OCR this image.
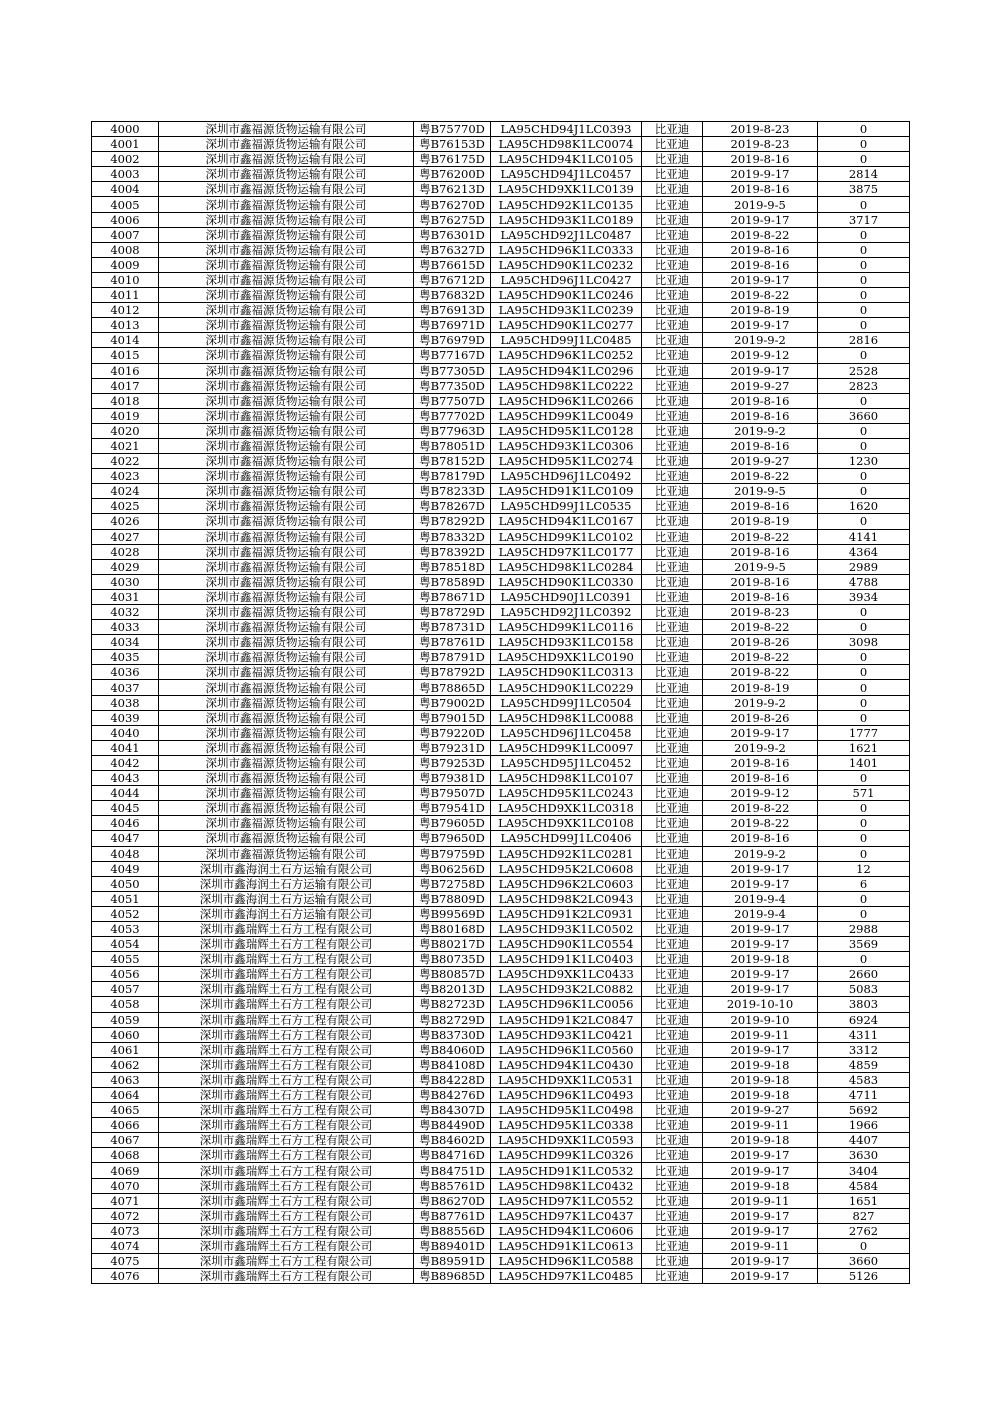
4000	深圳市鑫福源货物运输有限公司	粤B75770D	LA95CHD94J1LC0393	比亚迪	2019-8-23	0
4001	深圳市鑫福源货物运输有限公司	粤B76153D	LA95CHD98K1LC0074	比亚迪	2019-8-23	0
4002	深圳市鑫福源货物运输有限公司	粤B76175D	LA95CHD94K1LC0105	比亚迪	2019-8-16	0
4003	深圳市鑫福源货物运输有限公司	粤B76200D	LA95CHD94J1LC0457	比亚迪	2019-9-17	2814
4004	深圳市鑫福源货物运输有限公司	粤B76213D	LA95CHD9XK1LC0139	比亚迪	2019-8-16	3875
4005	深圳市鑫福源货物运输有限公司	粤B76270D	LA95CHD92K1LC0135	比亚迪	2019-9-5	0
4006	深圳市鑫福源货物运输有限公司	粤B76275D	LA95CHD93K1LC0189	比亚迪	2019-9-17	3717
4007	深圳市鑫福源货物运输有限公司	粤B76301D	LA95CHD92J1LC0487	比亚迪	2019-8-22	0
4008	深圳市鑫福源货物运输有限公司	粤B76327D	LA95CHD96K1LC0333	比亚迪	2019-8-16	0
4009	深圳市鑫福源货物运输有限公司	粤B76615D	LA95CHD90K1LC0232	比亚迪	2019-8-16	0
4010	深圳市鑫福源货物运输有限公司	粤B76712D	LA95CHD96J1LC0427	比亚迪	2019-9-17	0
4011	深圳市鑫福源货物运输有限公司	粤B76832D	LA95CHD90K1LC0246	比亚迪	2019-8-22	0
4012	深圳市鑫福源货物运输有限公司	粤B76913D	LA95CHD93K1LC0239	比亚迪	2019-8-19	0
4013	深圳市鑫福源货物运输有限公司	粤B76971D	LA95CHD90K1LC0277	比亚迪	2019-9-17	0
4014	深圳市鑫福源货物运输有限公司	粤B76979D	LA95CHD99J1LC0485	比亚迪	2019-9-2	2816
4015	深圳市鑫福源货物运输有限公司	粤B77167D	LA95CHD96K1LC0252	比亚迪	2019-9-12	0
4016	深圳市鑫福源货物运输有限公司	粤B77305D	LA95CHD94K1LC0296	比亚迪	2019-9-17	2528
4017	深圳市鑫福源货物运输有限公司	粤B77350D	LA95CHD98K1LC0222	比亚迪	2019-9-27	2823
4018	深圳市鑫福源货物运输有限公司	粤B77507D	LA95CHD96K1LC0266	比亚迪	2019-8-16	0
4019	深圳市鑫福源货物运输有限公司	粤B77702D	LA95CHD99K1LC0049	比亚迪	2019-8-16	3660
4020	深圳市鑫福源货物运输有限公司	粤B77963D	LA95CHD95K1LC0128	比亚迪	2019-9-2	0
4021	深圳市鑫福源货物运输有限公司	粤B78051D	LA95CHD93K1LC0306	比亚迪	2019-8-16	0
4022	深圳市鑫福源货物运输有限公司	粤B78152D	LA95CHD95K1LC0274	比亚迪	2019-9-27	1230
4023	深圳市鑫福源货物运输有限公司	粤B78179D	LA95CHD96J1LC0492	比亚迪	2019-8-22	0
4024	深圳市鑫福源货物运输有限公司	粤B78233D	LA95CHD91K1LC0109	比亚迪	2019-9-5	0
4025	深圳市鑫福源货物运输有限公司	粤B78267D	LA95CHD99J1LC0535	比亚迪	2019-8-16	1620
4026	深圳市鑫福源货物运输有限公司	粤B78292D	LA95CHD94K1LC0167	比亚迪	2019-8-19	0
4027	深圳市鑫福源货物运输有限公司	粤B78332D	LA95CHD99K1LC0102	比亚迪	2019-8-22	4141
4028	深圳市鑫福源货物运输有限公司	粤B78392D	LA95CHD97K1LC0177	比亚迪	2019-8-16	4364
4029	深圳市鑫福源货物运输有限公司	粤B78518D	LA95CHD98K1LC0284	比亚迪	2019-9-5	2989
4030	深圳市鑫福源货物运输有限公司	粤B78589D	LA95CHD90K1LC0330	比亚迪	2019-8-16	4788
4031	深圳市鑫福源货物运输有限公司	粤B78671D	LA95CHD90J1LC0391	比亚迪	2019-8-16	3934
4032	深圳市鑫福源货物运输有限公司	粤B78729D	LA95CHD92J1LC0392	比亚迪	2019-8-23	0
4033	深圳市鑫福源货物运输有限公司	粤B78731D	LA95CHD99K1LC0116	比亚迪	2019-8-22	0
4034	深圳市鑫福源货物运输有限公司	粤B78761D	LA95CHD93K1LC0158	比亚迪	2019-8-26	3098
4035	深圳市鑫福源货物运输有限公司	粤B78791D	LA95CHD9XK1LC0190	比亚迪	2019-8-22	0
4036	深圳市鑫福源货物运输有限公司	粤B78792D	LA95CHD90K1LC0313	比亚迪	2019-8-22	0
4037	深圳市鑫福源货物运输有限公司	粤B78865D	LA95CHD90K1LC0229	比亚迪	2019-8-19	0
4038	深圳市鑫福源货物运输有限公司	粤B79002D	LA95CHD99J1LC0504	比亚迪	2019-9-2	0
4039	深圳市鑫福源货物运输有限公司	粤B79015D	LA95CHD98K1LC0088	比亚迪	2019-8-26	0
4040	深圳市鑫福源货物运输有限公司	粤B79220D	LA95CHD96J1LC0458	比亚迪	2019-9-17	1777
4041	深圳市鑫福源货物运输有限公司	粤B79231D	LA95CHD99K1LC0097	比亚迪	2019-9-2	1621
4042	深圳市鑫福源货物运输有限公司	粤B79253D	LA95CHD95J1LC0452	比亚迪	2019-8-16	1401
4043	深圳市鑫福源货物运输有限公司	粤B79381D	LA95CHD98K1LC0107	比亚迪	2019-8-16	0
4044	深圳市鑫福源货物运输有限公司	粤B79507D	LA95CHD95K1LC0243	比亚迪	2019-9-12	571
4045	深圳市鑫福源货物运输有限公司	粤B79541D	LA95CHD9XK1LC0318	比亚迪	2019-8-22	0
4046	深圳市鑫福源货物运输有限公司	粤B79605D	LA95CHD9XK1LC0108	比亚迪	2019-8-22	0
4047	深圳市鑫福源货物运输有限公司	粤B79650D	LA95CHD99J1LC0406	比亚迪	2019-8-16	0
4048	深圳市鑫福源货物运输有限公司	粤B79759D	LA95CHD92K1LC0281	比亚迪	2019-9-2	0
4049	深圳市鑫海润土石方运输有限公司	粤B06256D	LA95CHD95K2LC0608	比亚迪	2019-9-17	12
4050	深圳市鑫海润土石方运输有限公司	粤B72758D	LA95CHD96K2LC0603	比亚迪	2019-9-17	6
4051	深圳市鑫海润土石方运输有限公司	粤B78809D	LA95CHD98K2LC0943	比亚迪	2019-9-4	0
4052	深圳市鑫海润土石方运输有限公司	粤B99569D	LA95CHD91K2LC0931	比亚迪	2019-9-4	0
4053	深圳市鑫瑞辉土石方工程有限公司	粤B80168D	LA95CHD93K1LC0502	比亚迪	2019-9-17	2988
4054	深圳市鑫瑞辉土石方工程有限公司	粤B80217D	LA95CHD90K1LC0554	比亚迪	2019-9-17	3569
4055	深圳市鑫瑞辉土石方工程有限公司	粤B80735D	LA95CHD91K1LC0403	比亚迪	2019-9-18	0
4056	深圳市鑫瑞辉土石方工程有限公司	粤B80857D	LA95CHD9XK1LC0433	比亚迪	2019-9-17	2660
4057	深圳市鑫瑞辉土石方工程有限公司	粤B82013D	LA95CHD93K2LC0882	比亚迪	2019-9-17	5083
4058	深圳市鑫瑞辉土石方工程有限公司	粤B82723D	LA95CHD96K1LC0056	比亚迪	2019-10-10	3803
4059	深圳市鑫瑞辉土石方工程有限公司	粤B82729D	LA95CHD91K2LC0847	比亚迪	2019-9-10	6924
4060	深圳市鑫瑞辉土石方工程有限公司	粤B83730D	LA95CHD93K1LC0421	比亚迪	2019-9-11	4311
4061	深圳市鑫瑞辉土石方工程有限公司	粤B84060D	LA95CHD96K1LC0560	比亚迪	2019-9-17	3312
4062	深圳市鑫瑞辉土石方工程有限公司	粤B84108D	LA95CHD94K1LC0430	比亚迪	2019-9-18	4859
4063	深圳市鑫瑞辉土石方工程有限公司	粤B84228D	LA95CHD9XK1LC0531	比亚迪	2019-9-18	4583
4064	深圳市鑫瑞辉土石方工程有限公司	粤B84276D	LA95CHD96K1LC0493	比亚迪	2019-9-18	4711
4065	深圳市鑫瑞辉土石方工程有限公司	粤B84307D	LA95CHD95K1LC0498	比亚迪	2019-9-27	5692
4066	深圳市鑫瑞辉土石方工程有限公司	粤B84490D	LA95CHD95K1LC0338	比亚迪	2019-9-11	1966
4067	深圳市鑫瑞辉土石方工程有限公司	粤B84602D	LA95CHD9XK1LC0593	比亚迪	2019-9-18	4407
4068	深圳市鑫瑞辉土石方工程有限公司	粤B84716D	LA95CHD99K1LC0326	比亚迪	2019-9-17	3630
4069	深圳市鑫瑞辉土石方工程有限公司	粤B84751D	LA95CHD91K1LC0532	比亚迪	2019-9-17	3404
4070	深圳市鑫瑞辉土石方工程有限公司	粤B85761D	LA95CHD98K1LC0432	比亚迪	2019-9-18	4584
4071	深圳市鑫瑞辉土石方工程有限公司	粤B86270D	LA95CHD97K1LC0552	比亚迪	2019-9-11	1651
4072	深圳市鑫瑞辉土石方工程有限公司	粤B87761D	LA95CHD97K1LC0437	比亚迪	2019-9-17	827
4073	深圳市鑫瑞辉土石方工程有限公司	粤B88556D	LA95CHD94K1LC0606	比亚迪	2019-9-17	2762
4074	深圳市鑫瑞辉土石方工程有限公司	粤B89401D	LA95CHD91K1LC0613	比亚迪	2019-9-11	0
4075	深圳市鑫瑞辉土石方工程有限公司	粤B89591D	LA95CHD96K1LC0588	比亚迪	2019-9-17	3660
4076	深圳市鑫瑞辉土石方工程有限公司	粤B89685D	LA95CHD97K1LC0485	比亚迪	2019-9-17	5126
